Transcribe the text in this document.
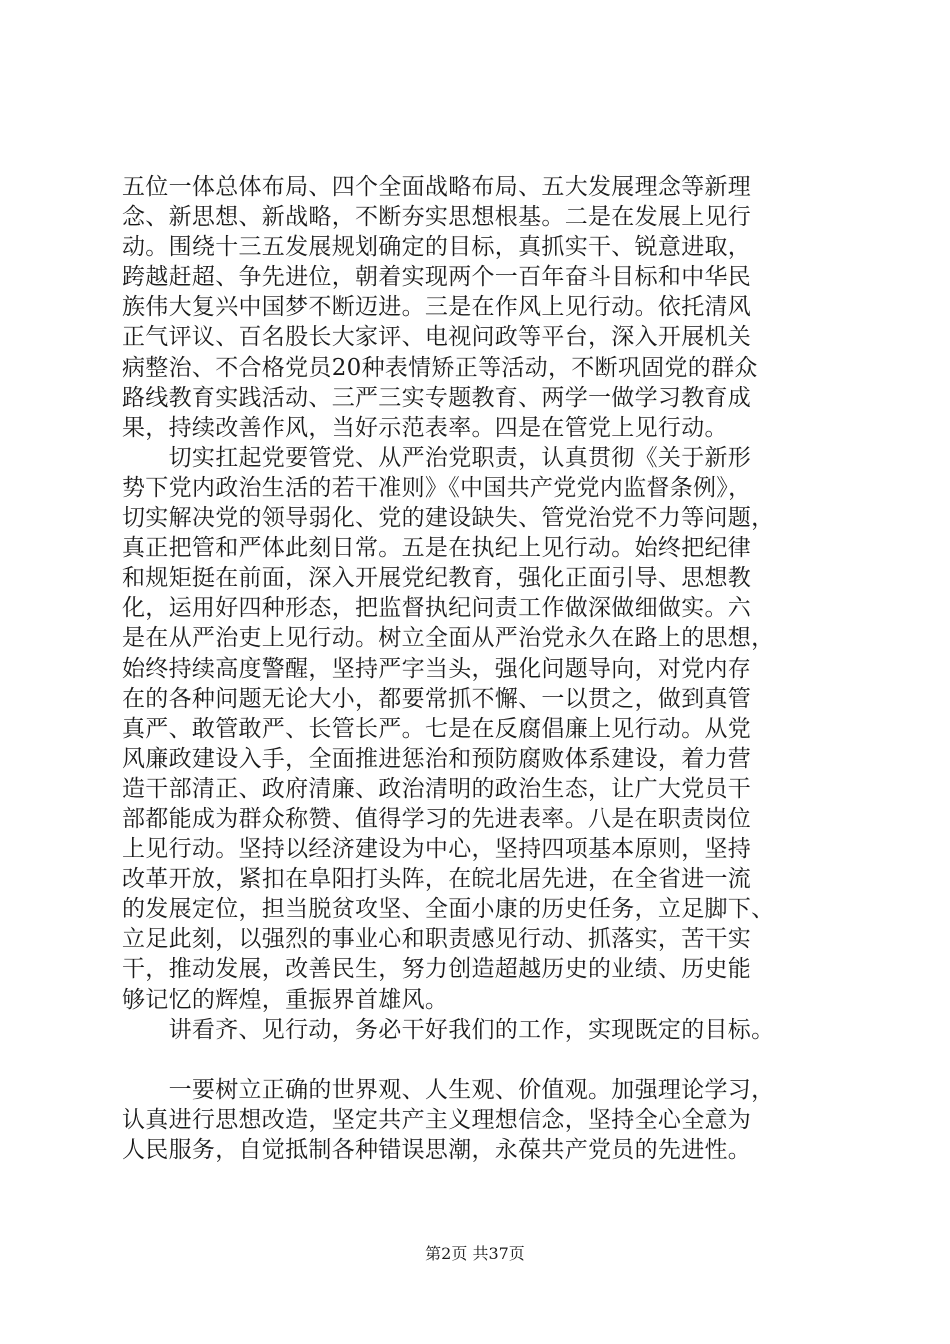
五位一体总体布局、四个全面战略布局、五大发展理念等新理
念、新思想、新战略，不断夯实思想根基。二是在发展上见行
动。围绕十三五发展规划确定的目标，真抓实干、锐意进取，
跨越赶超、争先进位，朝着实现两个一百年奋斗目标和中华民
族伟大复兴中国梦不断迈进。三是在作风上见行动。依托清风
正气评议、百名股长大家评、电视问政等平台，深入开展机关
病整治、不合格党员20种表情矫正等活动，不断巩固党的群众
路线教育实践活动、三严三实专题教育、两学一做学习教育成
果，持续改善作风，当好示范表率。四是在管党上见行动。
　　切实扛起党要管党、从严治党职责，认真贯彻《关于新形
势下党内政治生活的若干准则》《中国共产党党内监督条例》，
切实解决党的领导弱化、党的建设缺失、管党治党不力等问题，
真正把管和严体此刻日常。五是在执纪上见行动。始终把纪律
和规矩挺在前面，深入开展党纪教育，强化正面引导、思想教
化，运用好四种形态，把监督执纪问责工作做深做细做实。六
是在从严治吏上见行动。树立全面从严治党永久在路上的思想，
始终持续高度警醒，坚持严字当头，强化问题导向，对党内存
在的各种问题无论大小，都要常抓不懈、一以贯之，做到真管
真严、敢管敢严、长管长严。七是在反腐倡廉上见行动。从党
风廉政建设入手，全面推进惩治和预防腐败体系建设，着力营
造干部清正、政府清廉、政治清明的政治生态，让广大党员干
部都能成为群众称赞、值得学习的先进表率。八是在职责岗位
上见行动。坚持以经济建设为中心，坚持四项基本原则，坚持
改革开放，紧扣在阜阳打头阵，在皖北居先进，在全省进一流
的发展定位，担当脱贫攻坚、全面小康的历史任务，立足脚下、
立足此刻，以强烈的事业心和职责感见行动、抓落实，苦干实
干，推动发展，改善民生，努力创造超越历史的业绩、历史能
够记忆的辉煌，重振界首雄风。
　　讲看齐、见行动，务必干好我们的工作，实现既定的目标。
　　一要树立正确的世界观、人生观、价值观。加强理论学习，
认真进行思想改造，坚定共产主义理想信念，坚持全心全意为
人民服务，自觉抵制各种错误思潮，永葆共产党员的先进性。
第2页 共37页
